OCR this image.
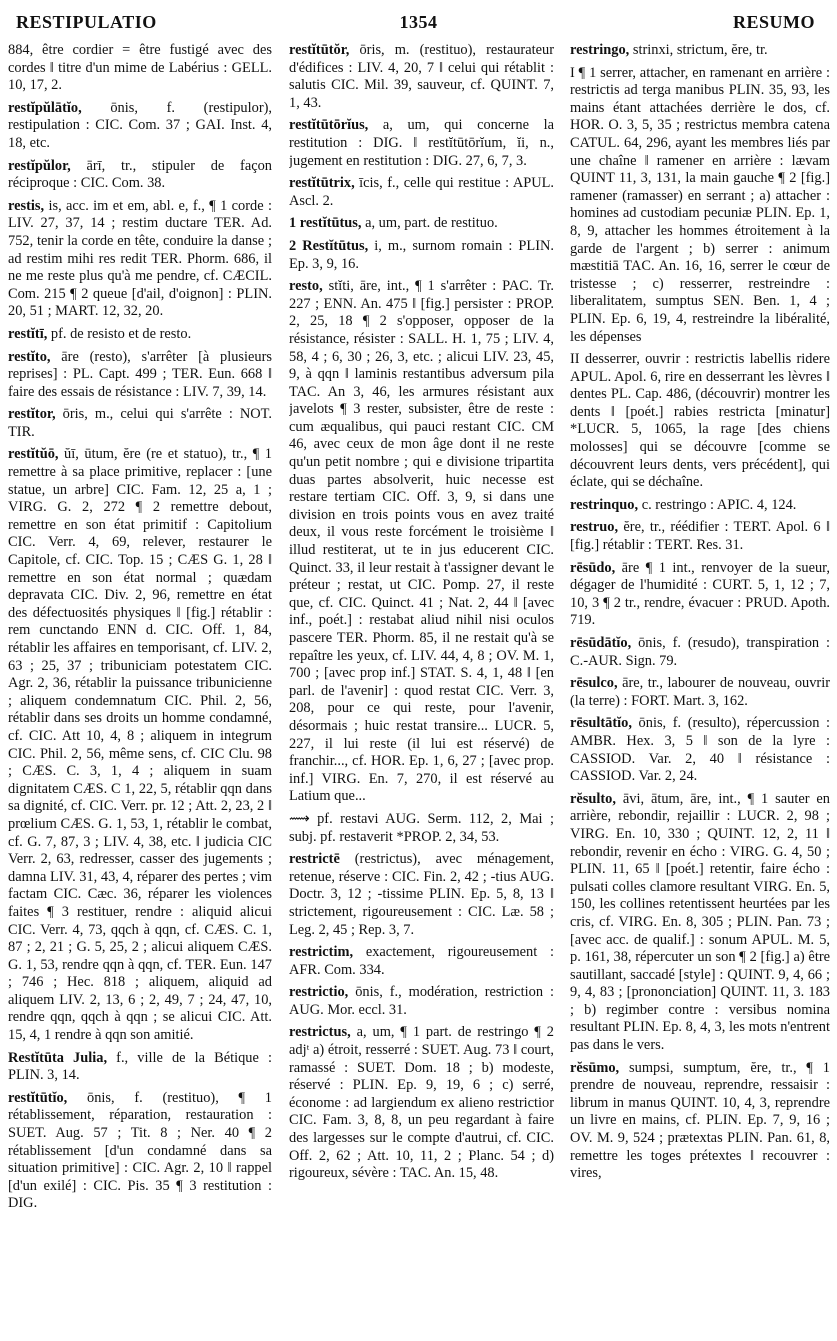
RESTIPULATIO	1354	RESUMO

884, être cordier = être fustigé avec des cordes ‖ titre d'un mime de Labérius : GELL. 10, 17, 2.

restĭpŭlātĭo, ōnis, f. (restipulor), restipulation : CIC. Com. 37 ; GAI. Inst. 4, 18, etc.

restĭpŭlor, ārī, tr., stipuler de façon réciproque : CIC. Com. 38.

restis, is, acc. im et em, abl. e, f., ¶ 1 corde : LIV. 27, 37, 14 ; restim ductare TER. Ad. 752, tenir la corde en tête, conduire la danse ; ad restim mihi res redit TER. Phorm. 686, il ne me reste plus qu'à me pendre, cf. CÆCIL. Com. 215 ¶ 2 queue [d'ail, d'oignon] : PLIN. 20, 51 ; MART. 12, 32, 20.

restĭtī, pf. de resisto et de resto.

restĭto, āre (resto), s'arrêter [à plusieurs reprises] : PL. Capt. 499 ; TER. Eun. 668 ‖ faire des essais de résistance : LIV. 7, 39, 14.

restĭtor, ōris, m., celui qui s'arrête : NOT. TIR.

restĭtŭō, ŭī, ūtum, ĕre (re et statuo), tr., ¶ 1 remettre à sa place primitive, replacer : [une statue, un arbre] CIC. Fam. 12, 25 a, 1 ; VIRG. G. 2, 272 ¶ 2 remettre debout, remettre en son état primitif : Capitolium CIC. Verr. 4, 69, relever, restaurer le Capitole, cf. CIC. Top. 15 ; CÆS G. 1, 28 ‖ remettre en son état normal ; quædam depravata CIC. Div. 2, 96, remettre en état des défectuosités physiques ‖ [fig.] rétablir : rem cunctando ENN d. CIC. Off. 1, 84, rétablir les affaires en temporisant, cf. LIV. 2, 63 ; 25, 37 ; tribuniciam potestatem CIC. Agr. 2, 36, rétablir la puissance tribunicienne ; aliquem condemnatum CIC. Phil. 2, 56, rétablir dans ses droits un homme condamné, cf. CIC. Att 10, 4, 8 ; aliquem in integrum CIC. Phil. 2, 56, même sens, cf. CIC Clu. 98 ; CÆS. C. 3, 1, 4 ; aliquem in suam dignitatem CÆS. C 1, 22, 5, rétablir qqn dans sa dignité, cf. CIC. Verr. pr. 12 ; Att. 2, 23, 2 ‖ prœlium CÆS. G. 1, 53, 1, rétablir le combat, cf. G. 7, 87, 3 ; LIV. 4, 38, etc. ‖ judicia CIC Verr. 2, 63, redresser, casser des jugements ; damna LIV. 31, 43, 4, réparer des pertes ; vim factam CIC. Cæc. 36, réparer les violences faites ¶ 3 restituer, rendre : aliquid alicui CIC. Verr. 4, 73, qqch à qqn, cf. CÆS. C. 1, 87 ; 2, 21 ; G. 5, 25, 2 ; alicui aliquem CÆS. G. 1, 53, rendre qqn à qqn, cf. TER. Eun. 147 ; 746 ; Hec. 818 ; aliquem, aliquid ad aliquem LIV. 2, 13, 6 ; 2, 49, 7 ; 24, 47, 10, rendre qqn, qqch à qqn ; se alicui CIC. Att. 15, 4, 1 rendre à qqn son amitié.

Restĭtūta Julia, f., ville de la Bétique : PLIN. 3, 14.

restĭtūtĭo, ōnis, f. (restituo), ¶ 1 rétablissement, réparation, restauration : SUET. Aug. 57 ; Tit. 8 ; Ner. 40 ¶ 2 rétablissement [d'un condamné dans sa situation primitive] : CIC. Agr. 2, 10 ‖ rappel [d'un exilé] : CIC. Pis. 35 ¶ 3 restitution : DIG.

restĭtūtŏr, ōris, m. (restituo), restaurateur d'édifices : LIV. 4, 20, 7 ‖ celui qui rétablit : salutis CIC. Mil. 39, sauveur, cf. QUINT. 7, 1, 43.

restĭtūtōrĭus, a, um, qui concerne la restitution : DIG. ‖ restĭtūtōrĭum, ĭi, n., jugement en restitution : DIG. 27, 6, 7, 3.

restĭtūtrix, īcis, f., celle qui restitue : APUL. Ascl. 2.

1 restĭtūtus, a, um, part. de restituo.

2 Restĭtūtus, i, m., surnom romain : PLIN. Ep. 3, 9, 16.

resto, stĭti, āre, int., ¶ 1 s'arrêter : PAC. Tr. 227 ; ENN. An. 475 ‖ [fig.] persister : PROP. 2, 25, 18 ¶ 2 s'opposer, opposer de la résistance, résister : SALL. H. 1, 75 ; LIV. 4, 58, 4 ; 6, 30 ; 26, 3, etc. ; alicui LIV. 23, 45, 9, à qqn ‖ laminis restantibus adversum pila TAC. An 3, 46, les armures résistant aux javelots ¶ 3 rester, subsister, être de reste : cum æqualibus, qui pauci restant CIC. CM 46, avec ceux de mon âge dont il ne reste qu'un petit nombre ; qui e divisione tripartita duas partes absolverit, huic necesse est restare tertiam CIC. Off. 3, 9, si dans une division en trois points vous en avez traité deux, il vous reste forcément le troisième ‖ illud restiterat, ut te in jus educerent CIC. Quinct. 33, il leur restait à t'assigner devant le préteur ; restat, ut CIC. Pomp. 27, il reste que, cf. CIC. Quinct. 41 ; Nat. 2, 44 ‖ [avec inf., poét.] : restabat aliud nihil nisi oculos pascere TER. Phorm. 85, il ne restait qu'à se repaître les yeux, cf. LIV. 44, 4, 8 ; OV. M. 1, 700 ; [avec prop inf.] STAT. S. 4, 1, 48 ‖ [en parl. de l'avenir] : quod restat CIC. Verr. 3, 208, pour ce qui reste, pour l'avenir, désormais ; huic restat transire... LUCR. 5, 227, il lui reste (il lui est réservé) de franchir..., cf. HOR. Ep. 1, 6, 27 ; [avec prop. inf.] VIRG. En. 7, 270, il est réservé au Latium que...

⟿ pf. restavi AUG. Serm. 112, 2, Mai ; subj. pf. restaverit *PROP. 2, 34, 53.

restrictē (restrictus), avec ménagement, retenue, réserve : CIC. Fin. 2, 42 ; -tius AUG. Doctr. 3, 12 ; -tissime PLIN. Ep. 5, 8, 13 ‖ strictement, rigoureusement : CIC. Læ. 58 ; Leg. 2, 45 ; Rep. 3, 7.

restrictim, exactement, rigoureusement : AFR. Com. 334.

restrictio, ōnis, f., modération, restriction : AUG. Mor. eccl. 31.

restrictus, a, um, ¶ 1 part. de restringo ¶ 2 adjᵗ a) étroit, resserré : SUET. Aug. 73 ‖ court, ramassé : SUET. Dom. 18 ; b) modeste, réservé : PLIN. Ep. 9, 19, 6 ; c) serré, économe : ad largiendum ex alieno restrictior CIC. Fam. 3, 8, 8, un peu regardant à faire des largesses sur le compte d'autrui, cf. CIC. Off. 2, 62 ; Att. 10, 11, 2 ; Planc. 54 ; d) rigoureux, sévère : TAC. An. 15, 48.

restringo, strinxi, strictum, ĕre, tr.

I ¶ 1 serrer, attacher, en ramenant en arrière : restrictis ad terga manibus PLIN. 35, 93, les mains étant attachées derrière le dos, cf. HOR. O. 3, 5, 35 ; restrictus membra catena CATUL. 64, 296, ayant les membres liés par une chaîne ‖ ramener en arrière : lævam QUINT 11, 3, 131, la main gauche ¶ 2 [fig.] ramener (ramasser) en serrant ; a) attacher : homines ad custodiam pecuniæ PLIN. Ep. 1, 8, 9, attacher les hommes étroitement à la garde de l'argent ; b) serrer : animum mæstitiā TAC. An. 16, 16, serrer le cœur de tristesse ; c) resserrer, restreindre : liberalitatem, sumptus SEN. Ben. 1, 4 ; PLIN. Ep. 6, 19, 4, restreindre la libéralité, les dépenses

II desserrer, ouvrir : restrictis labellis ridere APUL. Apol. 6, rire en desserrant les lèvres ‖ dentes PL. Cap. 486, (découvrir) montrer les dents ‖ [poét.] rabies restricta [minatur] *LUCR. 5, 1065, la rage [des chiens molosses] qui se découvre [comme se découvrent leurs dents, vers précédent], qui éclate, qui se déchaîne.

restrinquo, c. restringo : APIC. 4, 124.

restruo, ĕre, tr., réédifier : TERT. Apol. 6 ‖ [fig.] rétablir : TERT. Res. 31.

rēsūdo, āre ¶ 1 int., renvoyer de la sueur, dégager de l'humidité : CURT. 5, 1, 12 ; 7, 10, 3 ¶ 2 tr., rendre, évacuer : PRUD. Apoth. 719.

rēsūdātĭo, ōnis, f. (resudo), transpiration : C.-AUR. Sign. 79.

rēsulco, āre, tr., labourer de nouveau, ouvrir (la terre) : FORT. Mart. 3, 162.

rēsultātĭo, ōnis, f. (resulto), répercussion : AMBR. Hex. 3, 5 ‖ son de la lyre : CASSIOD. Var. 2, 40 ‖ résistance : CASSIOD. Var. 2, 24.

rĕsulto, āvi, ātum, āre, int., ¶ 1 sauter en arrière, rebondir, rejaillir : LUCR. 2, 98 ; VIRG. En. 10, 330 ; QUINT. 12, 2, 11 ‖ rebondir, revenir en écho : VIRG. G. 4, 50 ; PLIN. 11, 65 ‖ [poét.] retentir, faire écho : pulsati colles clamore resultant VIRG. En. 5, 150, les collines retentissent heurtées par les cris, cf. VIRG. En. 8, 305 ; PLIN. Pan. 73 ; [avec acc. de qualif.] : sonum APUL. M. 5, p. 161, 38, répercuter un son ¶ 2 [fig.] a) être sautillant, saccadé [style] : QUINT. 9, 4, 66 ; 9, 4, 83 ; [prononciation] QUINT. 11, 3. 183 ; b) regimber contre : versibus nomina resultant PLIN. Ep. 8, 4, 3, les mots n'entrent pas dans le vers.

rĕsūmo, sumpsi, sumptum, ĕre, tr., ¶ 1 prendre de nouveau, reprendre, ressaisir : librum in manus QUINT. 10, 4, 3, reprendre un livre en mains, cf. PLIN. Ep. 7, 9, 16 ; OV. M. 9, 524 ; prætextas PLIN. Pan. 61, 8, remettre les toges prétextes ‖ recouvrer : vires,
